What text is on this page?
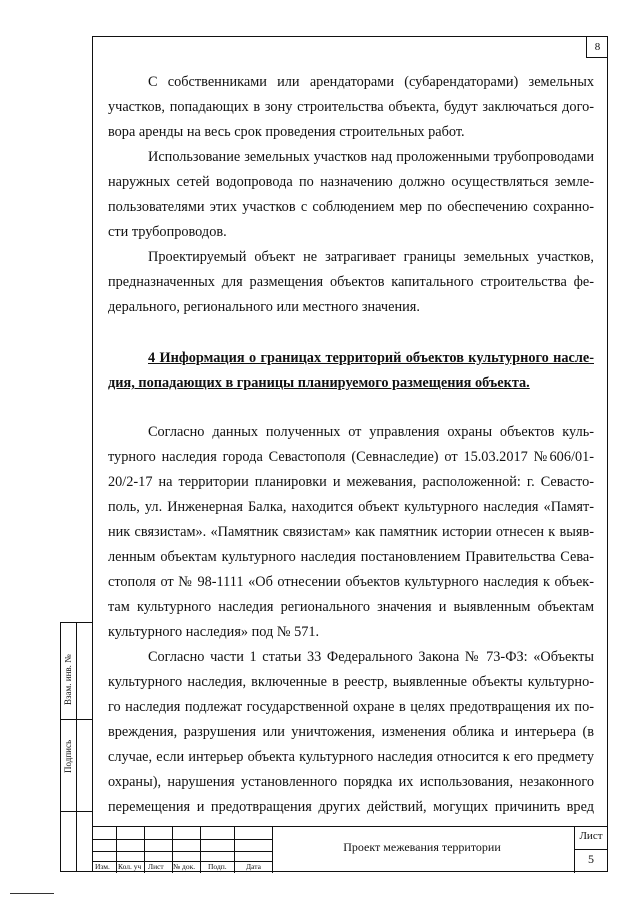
8
С собственниками или арендаторами (субарендаторами) земельных
участков, попадающих в зону строительства объекта, будут заключаться дого-
вора аренды на весь срок проведения строительных работ.
Использование земельных участков над проложенными трубопроводами
наружных сетей водопровода по назначению должно осуществляться земле-
пользователями этих участков с соблюдением мер по обеспечению сохранно-
сти трубопроводов.
Проектируемый объект не затрагивает границы земельных участков,
предназначенных для размещения объектов капитального строительства фе-
дерального, регионального или местного значения.
4 Информация о границах территорий объектов культурного насле-
дия, попадающих в границы планируемого размещения объекта.
Согласно данных полученных от управления охраны объектов куль-
турного наследия города Севастополя (Севнаследие) от 15.03.2017 №606/01-
20/2-17 на территории планировки и межевания, расположенной: г. Севасто-
поль, ул. Инженерная Балка, находится объект культурного наследия «Памят-
ник связистам». «Памятник связистам» как памятник истории отнесен к выяв-
ленным объектам культурного наследия постановлением Правительства Сева-
стополя от № 98-1111 «Об отнесении объектов культурного наследия к объек-
там культурного наследия регионального значения и выявленным объектам
культурного наследия» под № 571.
Согласно части 1 статьи 33 Федерального Закона № 73-ФЗ: «Объекты
культурного наследия, включенные в реестр, выявленные объекты культурно-
го наследия подлежат государственной охране в целях предотвращения их по-
вреждения, разрушения или уничтожения, изменения облика и интерьера (в
случае, если интерьер объекта культурного наследия относится к его предмету
охраны), нарушения установленного порядка их использования, незаконного
перемещения и предотвращения других действий, могущих причинить вред
Взам. инв. №
Подпись
Изм. Кол. уч Лист № док. Подп.	Дата
Проект межевания территории
Лист
5
